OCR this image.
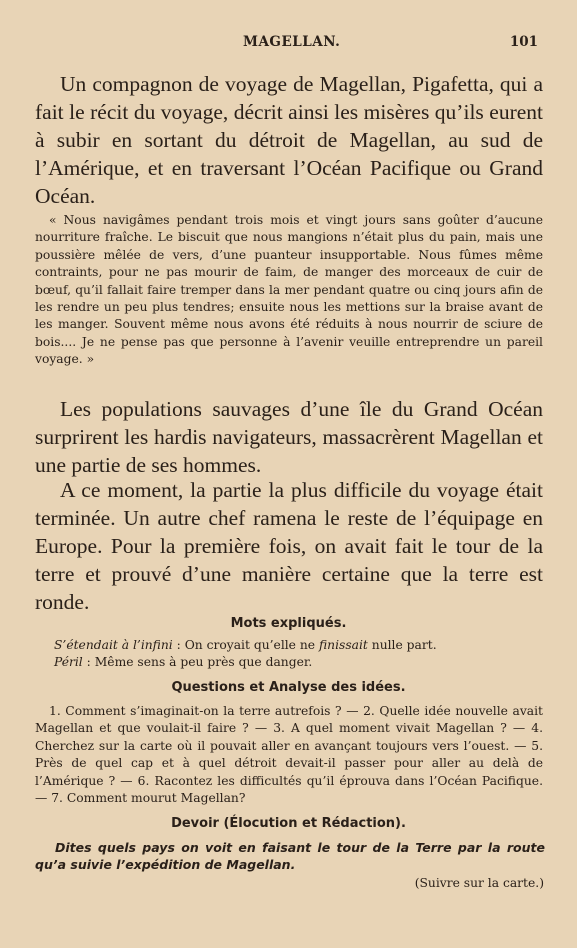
MAGELLAN.	101

Un compagnon de voyage de Magellan, Pigafetta, qui a fait le récit du voyage, décrit ainsi les misères qu’ils eurent à subir en sortant du détroit de Magellan, au sud de l’Amérique, et en traversant l’Océan Pacifique ou Grand Océan.

« Nous navigâmes pendant trois mois et vingt jours sans goûter d’aucune nourriture fraîche. Le biscuit que nous mangions n’était plus du pain, mais une poussière mêlée de vers, d’une puanteur insupportable. Nous fûmes même contraints, pour ne pas mourir de faim, de manger des morceaux de cuir de bœuf, qu’il fallait faire tremper dans la mer pendant quatre ou cinq jours afin de les rendre un peu plus tendres; ensuite nous les mettions sur la braise avant de les manger. Souvent même nous avons été réduits à nous nourrir de sciure de bois.... Je ne pense pas que personne à l’avenir veuille entreprendre un pareil voyage. »

Les populations sauvages d’une île du Grand Océan surprirent les hardis navigateurs, massacrèrent Magellan et une partie de ses hommes.

A ce moment, la partie la plus difficile du voyage était terminée. Un autre chef ramena le reste de l’équipage en Europe. Pour la première fois, on avait fait le tour de la terre et prouvé d’une manière certaine que la terre est ronde.

Mots expliqués.

S’étendait à l’infini : On croyait qu’elle ne finissait nulle part.
Péril : Même sens à peu près que danger.

Questions et Analyse des idées.

1. Comment s’imaginait-on la terre autrefois ? — 2. Quelle idée nouvelle avait Magellan et que voulait-il faire ? — 3. A quel moment vivait Magellan ? — 4. Cherchez sur la carte où il pouvait aller en avançant toujours vers l’ouest. — 5. Près de quel cap et à quel détroit devait-il passer pour aller au delà de l’Amérique ? — 6. Racontez les difficultés qu’il éprouva dans l’Océan Pacifique. — 7. Comment mourut Magellan?

Devoir (Élocution et Rédaction).

Dites quels pays on voit en faisant le tour de la Terre par la route qu’a suivie l’expédition de Magellan.

(Suivre sur la carte.)
